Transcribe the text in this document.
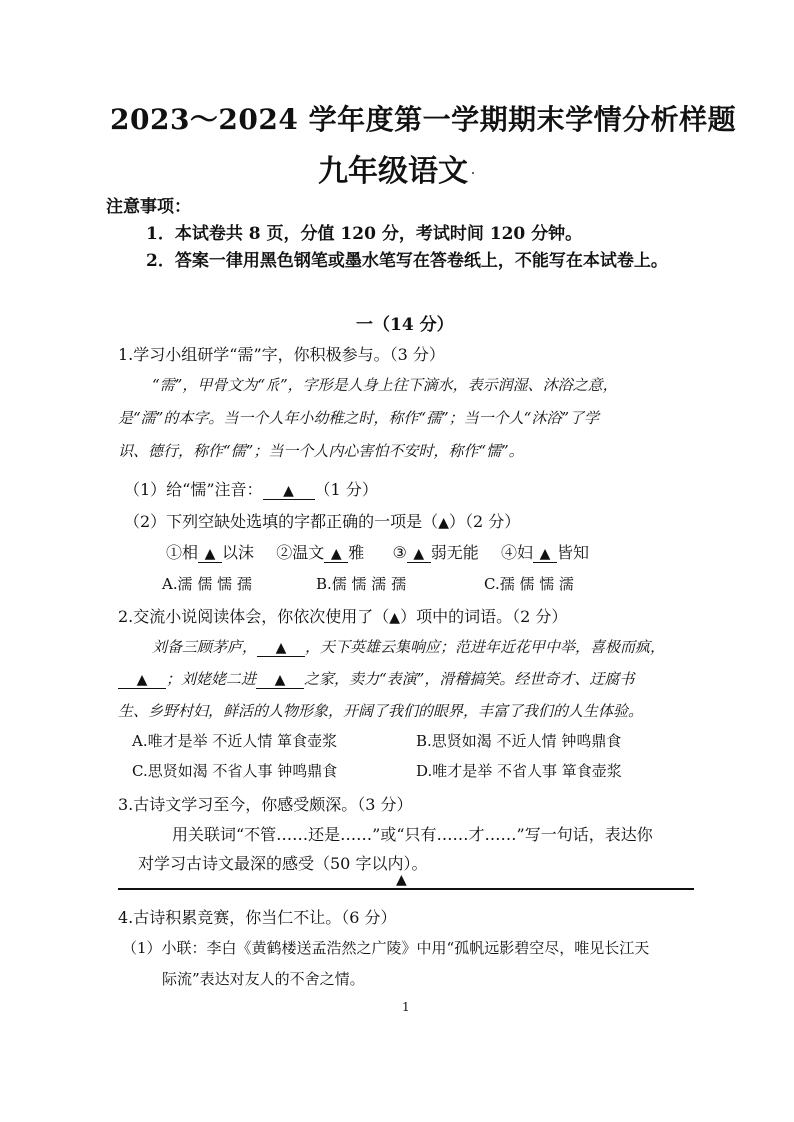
2023～2024 学年度第一学期期末学情分析样题
九年级语文
注意事项：
1．本试卷共 8 页，分值 120 分，考试时间 120 分钟。
2．答案一律用黑色钢笔或墨水笔写在答卷纸上，不能写在本试卷上。
一（14 分）
1.学习小组研学“需”字，你积极参与。（3 分）
“需”，甲骨文为“𠂢”，字形是人身上往下滴水，表示润湿、沐浴之意，
是“濡”的本字。当一个人年小幼稚之时，称作“孺”；当一个人“沐浴”了学
识、德行，称作“儒”；当一个人内心害怕不安时，称作“懦”。
（1）给“懦”注音： ▲ （1 分）
（2）下列空缺处选填的字都正确的一项是（▲）（2 分）
①相 ▲ 以沫 ②温文 ▲ 雅 ③ ▲ 弱无能 ④妇 ▲ 皆知
A.濡 儒 懦 孺	B.儒 懦 濡 孺	C.孺 儒 懦 濡
2.交流小说阅读体会，你依次使用了（▲）项中的词语。（2 分）
刘备三顾茅庐， ▲ ，天下英雄云集响应；范进年近花甲中举，喜极而疯，
▲ ；刘姥姥二进 ▲ 之家，卖力“表演”，滑稽搞笑。经世奇才、迂腐书
生、乡野村妇，鲜活的人物形象，开阔了我们的眼界，丰富了我们的人生体验。
A.唯才是举 不近人情 箪食壶浆	B.思贤如渴 不近人情 钟鸣鼎食
C.思贤如渴 不省人事 钟鸣鼎食	D.唯才是举 不省人事 箪食壶浆
3.古诗文学习至今，你感受颇深。（3 分）
用关联词“不管……还是……”或“只有……才……”写一句话，表达你
对学习古诗文最深的感受（50 字以内）。
▲
4.古诗积累竞赛，你当仁不让。（6 分）
（1）小联：李白《黄鹤楼送孟浩然之广陵》中用“孤帆远影碧空尽，唯见长江天
际流”表达对友人的不舍之情。
1
